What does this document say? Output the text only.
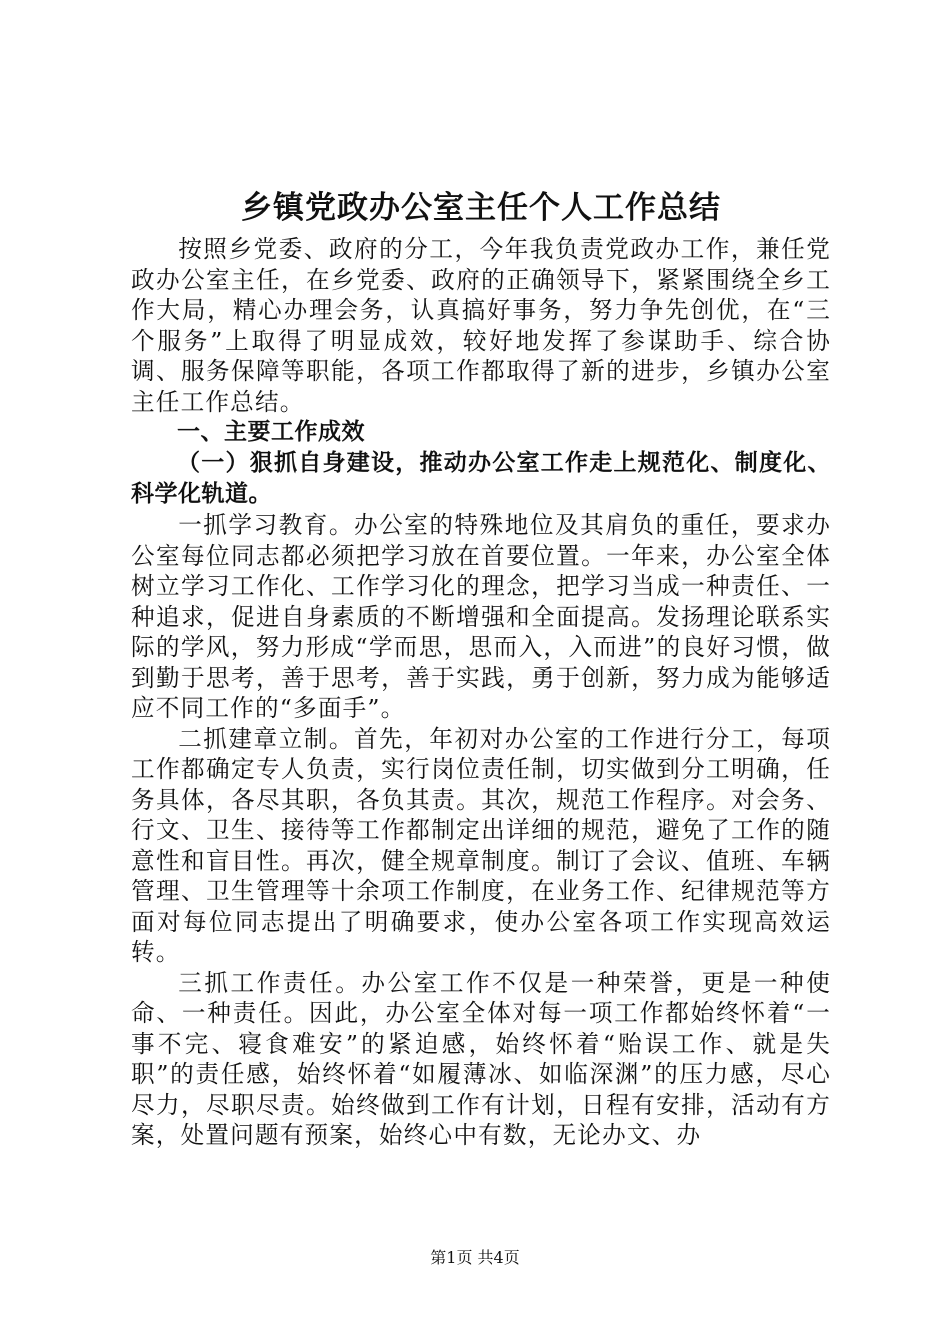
乡镇党政办公室主任个人工作总结

按照乡党委、政府的分工，今年我负责党政办工作，兼任党政办公室主任，在乡党委、政府的正确领导下，紧紧围绕全乡工作大局，精心办理会务，认真搞好事务，努力争先创优，在“三个服务”上取得了明显成效，较好地发挥了参谋助手、综合协调、服务保障等职能，各项工作都取得了新的进步，乡镇办公室主任工作总结。

一、主要工作成效

（一）狠抓自身建设，推动办公室工作走上规范化、制度化、科学化轨道。

一抓学习教育。办公室的特殊地位及其肩负的重任，要求办公室每位同志都必须把学习放在首要位置。一年来，办公室全体树立学习工作化、工作学习化的理念，把学习当成一种责任、一种追求，促进自身素质的不断增强和全面提高。发扬理论联系实际的学风，努力形成“学而思，思而入，入而进”的良好习惯，做到勤于思考，善于思考，善于实践，勇于创新，努力成为能够适应不同工作的“多面手”。

二抓建章立制。首先，年初对办公室的工作进行分工，每项工作都确定专人负责，实行岗位责任制，切实做到分工明确，任务具体，各尽其职，各负其责。其次，规范工作程序。对会务、行文、卫生、接待等工作都制定出详细的规范，避免了工作的随意性和盲目性。再次，健全规章制度。制订了会议、值班、车辆管理、卫生管理等十余项工作制度，在业务工作、纪律规范等方面对每位同志提出了明确要求，使办公室各项工作实现高效运转。

三抓工作责任。办公室工作不仅是一种荣誉，更是一种使命、一种责任。因此，办公室全体对每一项工作都始终怀着“一事不完、寝食难安”的紧迫感，始终怀着“贻误工作、就是失职”的责任感，始终怀着“如履薄冰、如临深渊”的压力感，尽心尽力，尽职尽责。始终做到工作有计划，日程有安排，活动有方案，处置问题有预案，始终心中有数，无论办文、办

第1页 共4页
